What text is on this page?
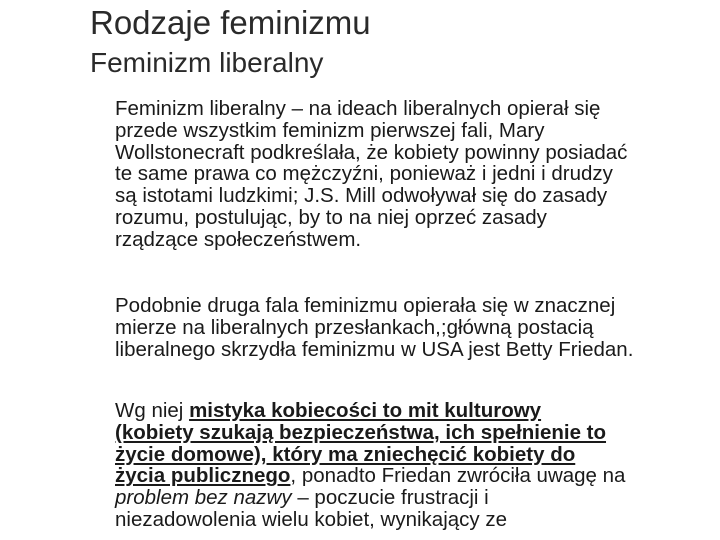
Rodzaje feminizmu
Feminizm liberalny

Feminizm liberalny – na ideach liberalnych opierał się
przede wszystkim feminizm pierwszej fali, Mary
Wollstonecraft podkreślała, że kobiety powinny posiadać
te same prawa co mężczyźni, ponieważ i jedni i drudzy
są istotami ludzkimi; J.S. Mill odwoływał się do zasady
rozumu, postulując, by to na niej oprzeć zasady
rządzące społeczeństwem.

Podobnie druga fala feminizmu opierała się w znacznej
mierze na liberalnych przesłankach,;główną postacią
liberalnego skrzydła feminizmu w USA jest Betty Friedan.

Wg niej mistyka kobiecości to mit kulturowy
(kobiety szukają bezpieczeństwa, ich spełnienie to
życie domowe), który ma zniechęcić kobiety do
życia publicznego, ponadto Friedan zwróciła uwagę na
problem bez nazwy – poczucie frustracji i
niezadowolenia wielu kobiet, wynikający ze
